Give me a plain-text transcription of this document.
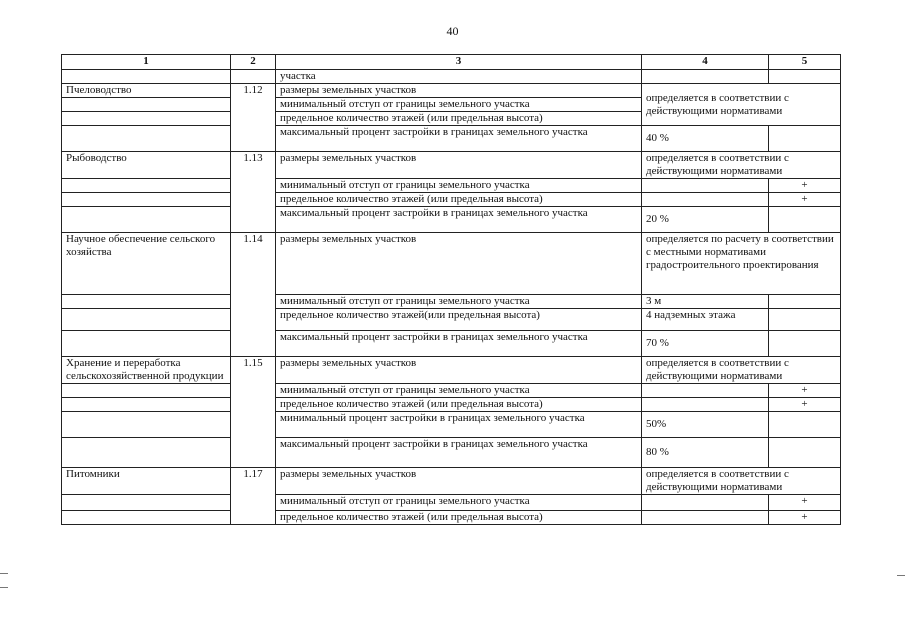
40
1	2	3	4	5
		участка		
Пчеловодство	1.12	размеры земельных участков	определяется в соответствии с действующими нормативами	
		минимальный отступ от границы земельного участка		
		предельное количество этажей (или предельная высота)		
		максимальный процент застройки в границах земельного участка	40 %	
Рыбоводство	1.13	размеры земельных участков	определяется в соответствии с действующими нормативами	
		минимальный отступ от границы земельного участка		+
		предельное количество этажей (или предельная высота)		+
		максимальный процент застройки в границах земельного участка	20 %	
Научное обеспечение сельского хозяйства	1.14	размеры земельных участков	определяется по расчету в соответствии с местными нормативами градостроительного проектирования	
		минимальный отступ от границы земельного участка	3 м	
		предельное количество этажей(или предельная высота)	4 надземных этажа	
		максимальный процент застройки в границах земельного участка	70 %	
Хранение и переработка сельскохозяйственной продукции	1.15	размеры земельных участков	определяется в соответствии с действующими нормативами	
		минимальный отступ от границы земельного участка		+
		предельное количество этажей (или предельная высота)		+
		минимальный процент застройки в границах земельного участка	50%	
		максимальный процент застройки в границах земельного участка	80 %	
Питомники	1.17	размеры земельных участков	определяется в соответствии с действующими нормативами	
		минимальный отступ от границы земельного участка		+
		предельное количество этажей (или предельная высота)		+
